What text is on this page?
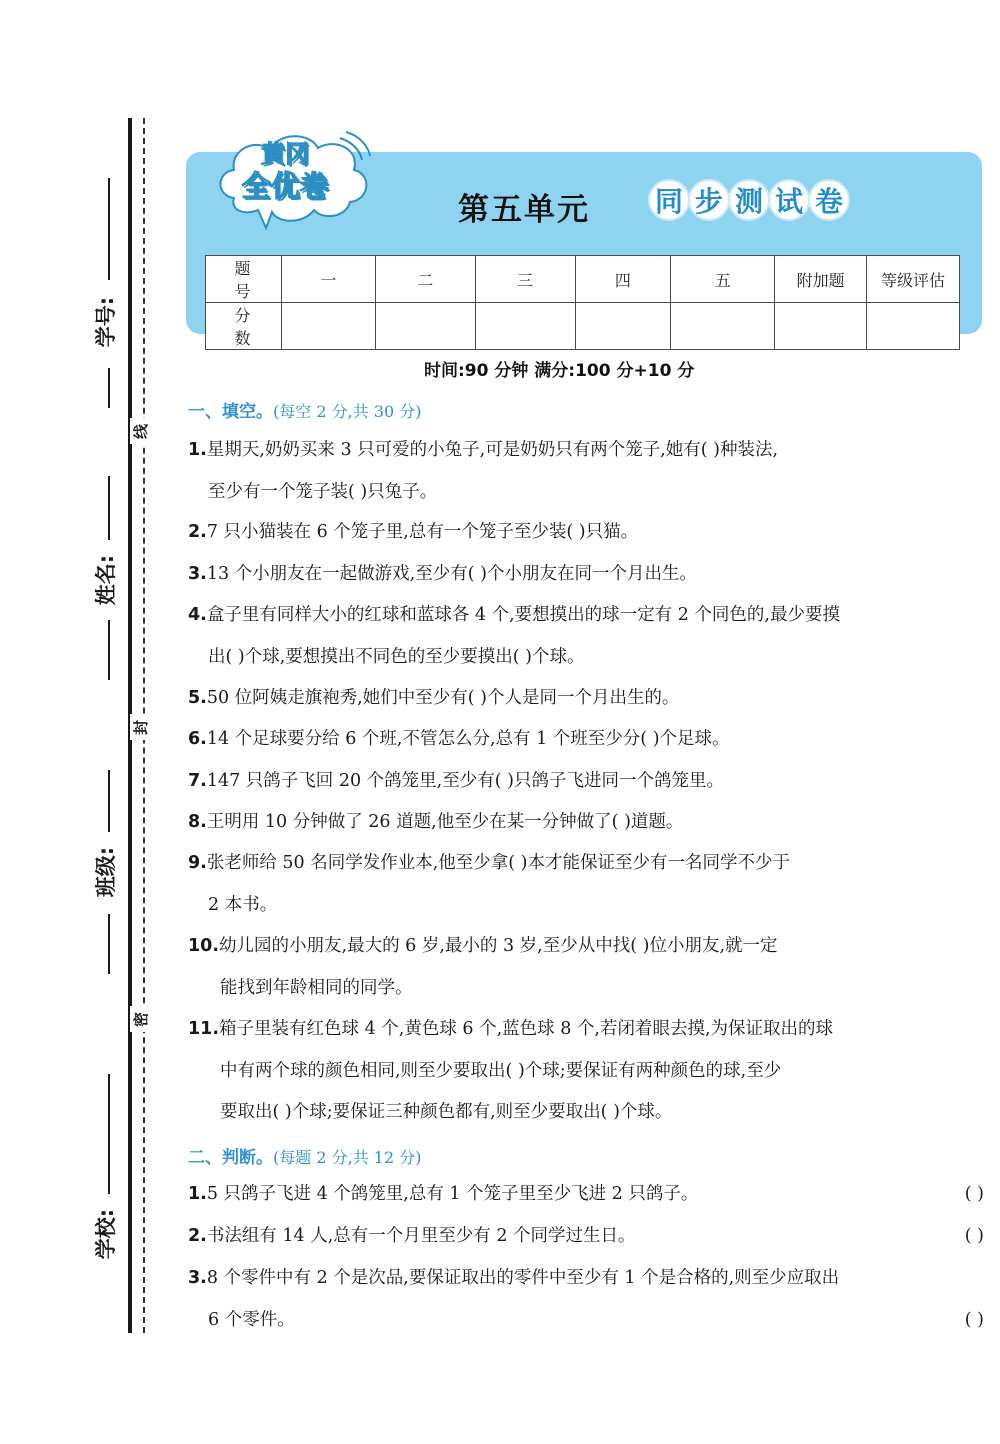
线
封
密
学号:
姓名:
班级:
学校:
黄冈
全优卷
第五单元 同 步 测 试 卷
题 号	一	二	三	四	五	附加题	等级评估
分 数							
时间:90 分钟 满分:100 分+10 分
一、填空。(每空 2 分,共 30 分)
1.星期天,奶奶买来 3 只可爱的小兔子,可是奶奶只有两个笼子,她有( )种装法,
至少有一个笼子装( )只兔子。
2.7 只小猫装在 6 个笼子里,总有一个笼子至少装( )只猫。
3.13 个小朋友在一起做游戏,至少有( )个小朋友在同一个月出生。
4.盒子里有同样大小的红球和蓝球各 4 个,要想摸出的球一定有 2 个同色的,最少要摸
出( )个球,要想摸出不同色的至少要摸出( )个球。
5.50 位阿姨走旗袍秀,她们中至少有( )个人是同一个月出生的。
6.14 个足球要分给 6 个班,不管怎么分,总有 1 个班至少分( )个足球。
7.147 只鸽子飞回 20 个鸽笼里,至少有( )只鸽子飞进同一个鸽笼里。
8.王明用 10 分钟做了 26 道题,他至少在某一分钟做了( )道题。
9.张老师给 50 名同学发作业本,他至少拿( )本才能保证至少有一名同学不少于
2 本书。
10.幼儿园的小朋友,最大的 6 岁,最小的 3 岁,至少从中找( )位小朋友,就一定
能找到年龄相同的同学。
11.箱子里装有红色球 4 个,黄色球 6 个,蓝色球 8 个,若闭着眼去摸,为保证取出的球
中有两个球的颜色相同,则至少要取出( )个球;要保证有两种颜色的球,至少
要取出( )个球;要保证三种颜色都有,则至少要取出( )个球。
二、判断。(每题 2 分,共 12 分)
1.5 只鸽子飞进 4 个鸽笼里,总有 1 个笼子里至少飞进 2 只鸽子。	( )
2.书法组有 14 人,总有一个月里至少有 2 个同学过生日。	( )
3.8 个零件中有 2 个是次品,要保证取出的零件中至少有 1 个是合格的,则至少应取出
6 个零件。	( )
